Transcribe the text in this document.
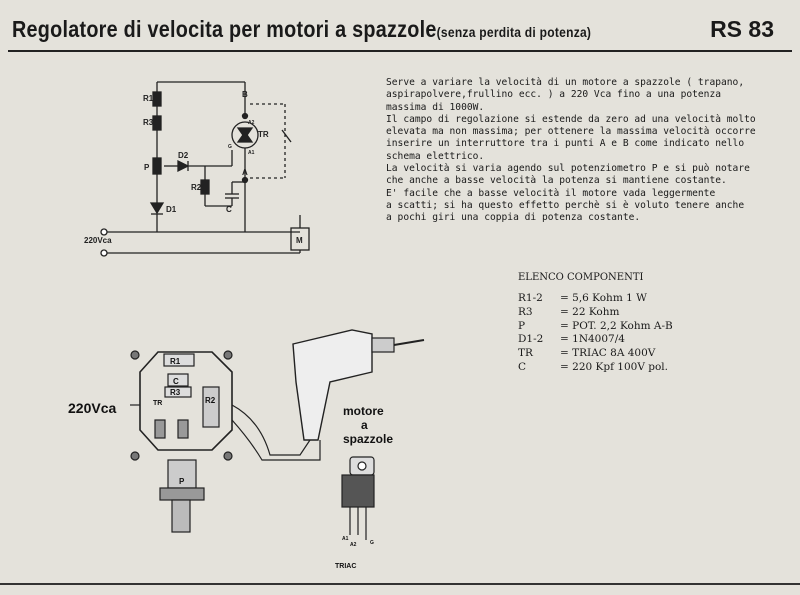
Regolatore di velocita per motori a spazzole(senza perdita di potenza)	RS 83
R1
R3
P
D2
R2
D1	C
B
TR
A2
G
A1
A
M
220Vca
220Vca	motore
a
spazzole
TRIAC
A1
A2	G
R1
C
R3
TR	R2
P
Serve a variare la velocità di un motore a spazzole ( trapano,
aspirapolvere,frullino ecc. ) a 220 Vca fino a una potenza
massima di 1000W.
Il campo di regolazione si estende da zero ad una velocità molto
elevata ma non massima; per ottenere la massima velocità occorre
inserire un interruttore tra i punti A e B come indicato nello
schema elettrico.
La velocità si varia agendo sul potenziometro P e si può notare
che anche a basse velocità la potenza si mantiene costante.
E' facile che a basse velocità il motore vada leggermente
a scatti; si ha questo effetto perchè si è voluto tenere anche
a pochi giri una coppia di potenza costante.
ELENCO COMPONENTI
R1-2	= 5,6 Kohm 1 W
R3	= 22 Kohm
P	= POT. 2,2 Kohm A-B
D1-2	= 1N4007/4
TR	= TRIAC 8A 400V
C	= 220 Kpf 100V pol.
